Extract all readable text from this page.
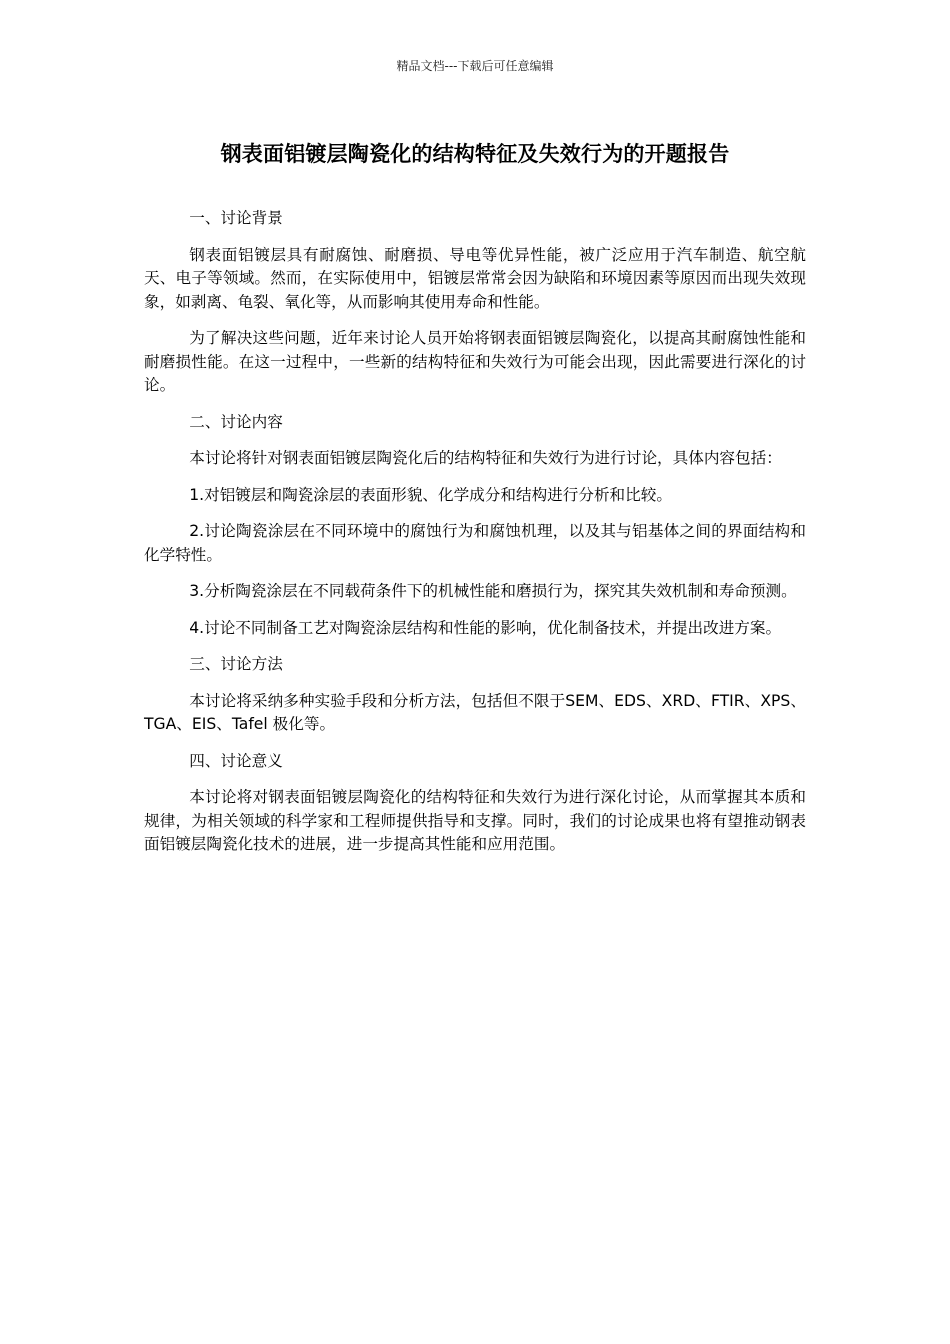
精品文档---下载后可任意编辑
钢表面铝镀层陶瓷化的结构特征及失效行为的开题报告

一、讨论背景

钢表面铝镀层具有耐腐蚀、耐磨损、导电等优异性能，被广泛应用于汽车制造、航空航天、电子等领域。然而，在实际使用中，铝镀层常常会因为缺陷和环境因素等原因而出现失效现象，如剥离、龟裂、氧化等，从而影响其使用寿命和性能。

为了解决这些问题，近年来讨论人员开始将钢表面铝镀层陶瓷化，以提高其耐腐蚀性能和耐磨损性能。在这一过程中，一些新的结构特征和失效行为可能会出现，因此需要进行深化的讨论。

二、讨论内容

本讨论将针对钢表面铝镀层陶瓷化后的结构特征和失效行为进行讨论，具体内容包括：

1.对铝镀层和陶瓷涂层的表面形貌、化学成分和结构进行分析和比较。

2.讨论陶瓷涂层在不同环境中的腐蚀行为和腐蚀机理，以及其与铝基体之间的界面结构和化学特性。

3.分析陶瓷涂层在不同载荷条件下的机械性能和磨损行为，探究其失效机制和寿命预测。

4.讨论不同制备工艺对陶瓷涂层结构和性能的影响，优化制备技术，并提出改进方案。

三、讨论方法

本讨论将采纳多种实验手段和分析方法，包括但不限于SEM、EDS、XRD、FTIR、XPS、TGA、EIS、Tafel 极化等。

四、讨论意义

本讨论将对钢表面铝镀层陶瓷化的结构特征和失效行为进行深化讨论，从而掌握其本质和规律，为相关领域的科学家和工程师提供指导和支撑。同时，我们的讨论成果也将有望推动钢表面铝镀层陶瓷化技术的进展，进一步提高其性能和应用范围。
